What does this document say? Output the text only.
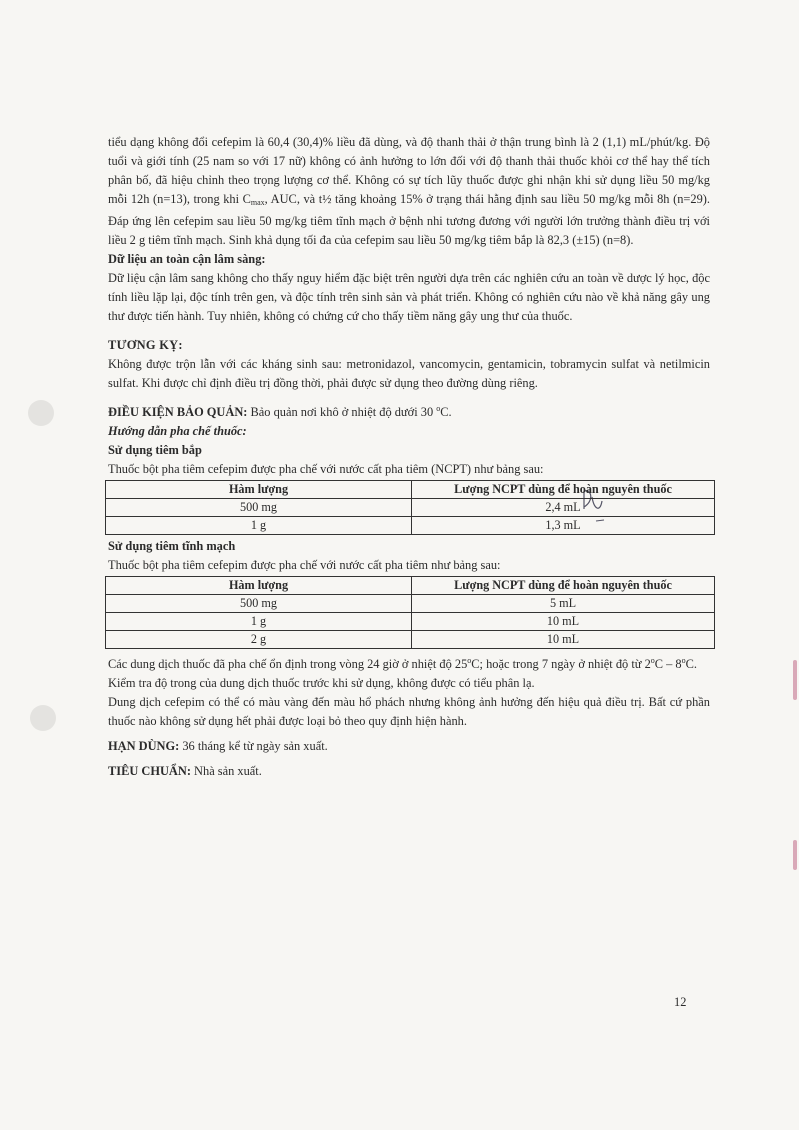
tiểu dạng không đổi cefepim là 60,4 (30,4)% liều đã dùng, và độ thanh thải ở thận trung bình là 2 (1,1) mL/phút/kg. Độ tuổi và giới tính (25 nam so với 17 nữ) không có ảnh hưởng to lớn đối với độ thanh thải thuốc khỏi cơ thể hay thể tích phân bố, đã hiệu chỉnh theo trọng lượng cơ thể. Không có sự tích lũy thuốc được ghi nhận khi sử dụng liều 50 mg/kg mỗi 12h (n=13), trong khi $C_{max}$, AUC, và t½ tăng khoảng 15% ở trạng thái hằng định sau liều 50 mg/kg mỗi 8h (n=29). Đáp ứng lên cefepim sau liều 50 mg/kg tiêm tĩnh mạch ở bệnh nhi tương đương với người lớn trưởng thành điều trị với liều 2 g tiêm tĩnh mạch. Sinh khả dụng tối đa của cefepim sau liều 50 mg/kg tiêm bắp là 82,3 (±15) (n=8).

Dữ liệu an toàn cận lâm sàng:

Dữ liệu cận lâm sang không cho thấy nguy hiểm đặc biệt trên người dựa trên các nghiên cứu an toàn về dược lý học, độc tính liều lặp lại, độc tính trên gen, và độc tính trên sinh sản và phát triển. Không có nghiên cứu nào về khả năng gây ung thư được tiến hành. Tuy nhiên, không có chứng cứ cho thấy tiềm năng gây ung thư của thuốc.

TƯƠNG KỴ:

Không được trộn lẫn với các kháng sinh sau: metronidazol, vancomycin, gentamicin, tobramycin sulfat và netilmicin sulfat. Khi được chỉ định điều trị đồng thời, phải được sử dụng theo đường dùng riêng.

ĐIỀU KIỆN BẢO QUẢN: Bảo quản nơi khô ở nhiệt độ dưới 30 $^o$C.

Hướng dẫn pha chế thuốc:
Sử dụng tiêm bắp

Thuốc bột pha tiêm cefepim được pha chế với nước cất pha tiêm (NCPT) như bảng sau:

Hàm lượng	Lượng NCPT dùng để hoàn nguyên thuốc
500 mg	2,4 mL
1 g	1,3 mL
Sử dụng tiêm tĩnh mạch

Thuốc bột pha tiêm cefepim được pha chế với nước cất pha tiêm như bảng sau:

Hàm lượng	Lượng NCPT dùng để hoàn nguyên thuốc
500 mg	5 mL
1 g	10 mL
2 g	10 mL

Các dung dịch thuốc đã pha chế ổn định trong vòng 24 giờ ở nhiệt độ 25$^o$C; hoặc trong 7 ngày ở nhiệt độ từ 2$^o$C – 8$^o$C.

Kiểm tra độ trong của dung dịch thuốc trước khi sử dụng, không được có tiểu phân lạ.

Dung dịch cefepim có thể có màu vàng đến màu hổ phách nhưng không ảnh hưởng đến hiệu quả điều trị. Bất cứ phần thuốc nào không sử dụng hết phải được loại bỏ theo quy định hiện hành.

HẠN DÙNG: 36 tháng kể từ ngày sản xuất.

TIÊU CHUẨN: Nhà sản xuất.

12
